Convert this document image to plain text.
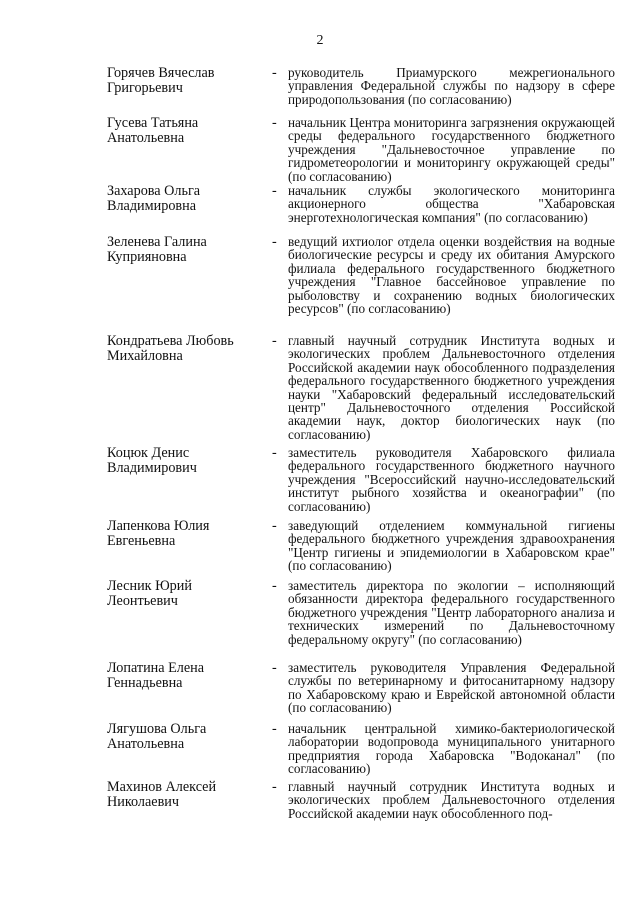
2
Горячев Вячеслав
Григорьевич
- руководитель Приамурского межрегионального управления Федеральной службы по надзору в сфере природопользования (по согласованию)
Гусева Татьяна
Анатольевна
- начальник Центра мониторинга загрязнения окружающей среды федерального государственного бюджетного учреждения "Дальневосточное управление по гидрометеорологии и мониторингу окружающей среды" (по согласованию)
Захарова Ольга
Владимировна
- начальник службы экологического мониторинга акционерного общества "Хабаровская энерготехнологическая компания" (по согласованию)
Зеленева Галина
Куприяновна
- ведущий ихтиолог отдела оценки воздействия на водные биологические ресурсы и среду их обитания Амурского филиала федерального государственного бюджетного учреждения "Главное бассейновое управление по рыболовству и сохранению водных биологических ресурсов" (по согласованию)
Кондратьева Любовь
Михайловна
- главный научный сотрудник Института водных и экологических проблем Дальневосточного отделения Российской академии наук обособленного подразделения федерального государственного бюджетного учреждения науки "Хабаровский федеральный исследовательский центр" Дальневосточного отделения Российской академии наук, доктор биологических наук (по согласованию)
Коцюк Денис
Владимирович
- заместитель руководителя Хабаровского филиала федерального государственного бюджетного научного учреждения "Всероссийский научно-исследовательский институт рыбного хозяйства и океанографии" (по согласованию)
Лапенкова Юлия
Евгеньевна
- заведующий отделением коммунальной гигиены федерального бюджетного учреждения здравоохранения "Центр гигиены и эпидемиологии в Хабаровском крае" (по согласованию)
Лесник Юрий
Леонтьевич
- заместитель директора по экологии – исполняющий обязанности директора федерального государственного бюджетного учреждения "Центр лабораторного анализа и технических измерений по Дальневосточному федеральному округу" (по согласованию)
Лопатина Елена
Геннадьевна
- заместитель руководителя Управления Федеральной службы по ветеринарному и фитосанитарному надзору по Хабаровскому краю и Еврейской автономной области (по согласованию)
Лягушова Ольга
Анатольевна
- начальник центральной химико-бактериологической лаборатории водопровода муниципального унитарного предприятия города Хабаровска "Водоканал" (по согласованию)
Махинов Алексей
Николаевич
- главный научный сотрудник Института водных и экологических проблем Дальневосточного отделения Российской академии наук обособленного под-
